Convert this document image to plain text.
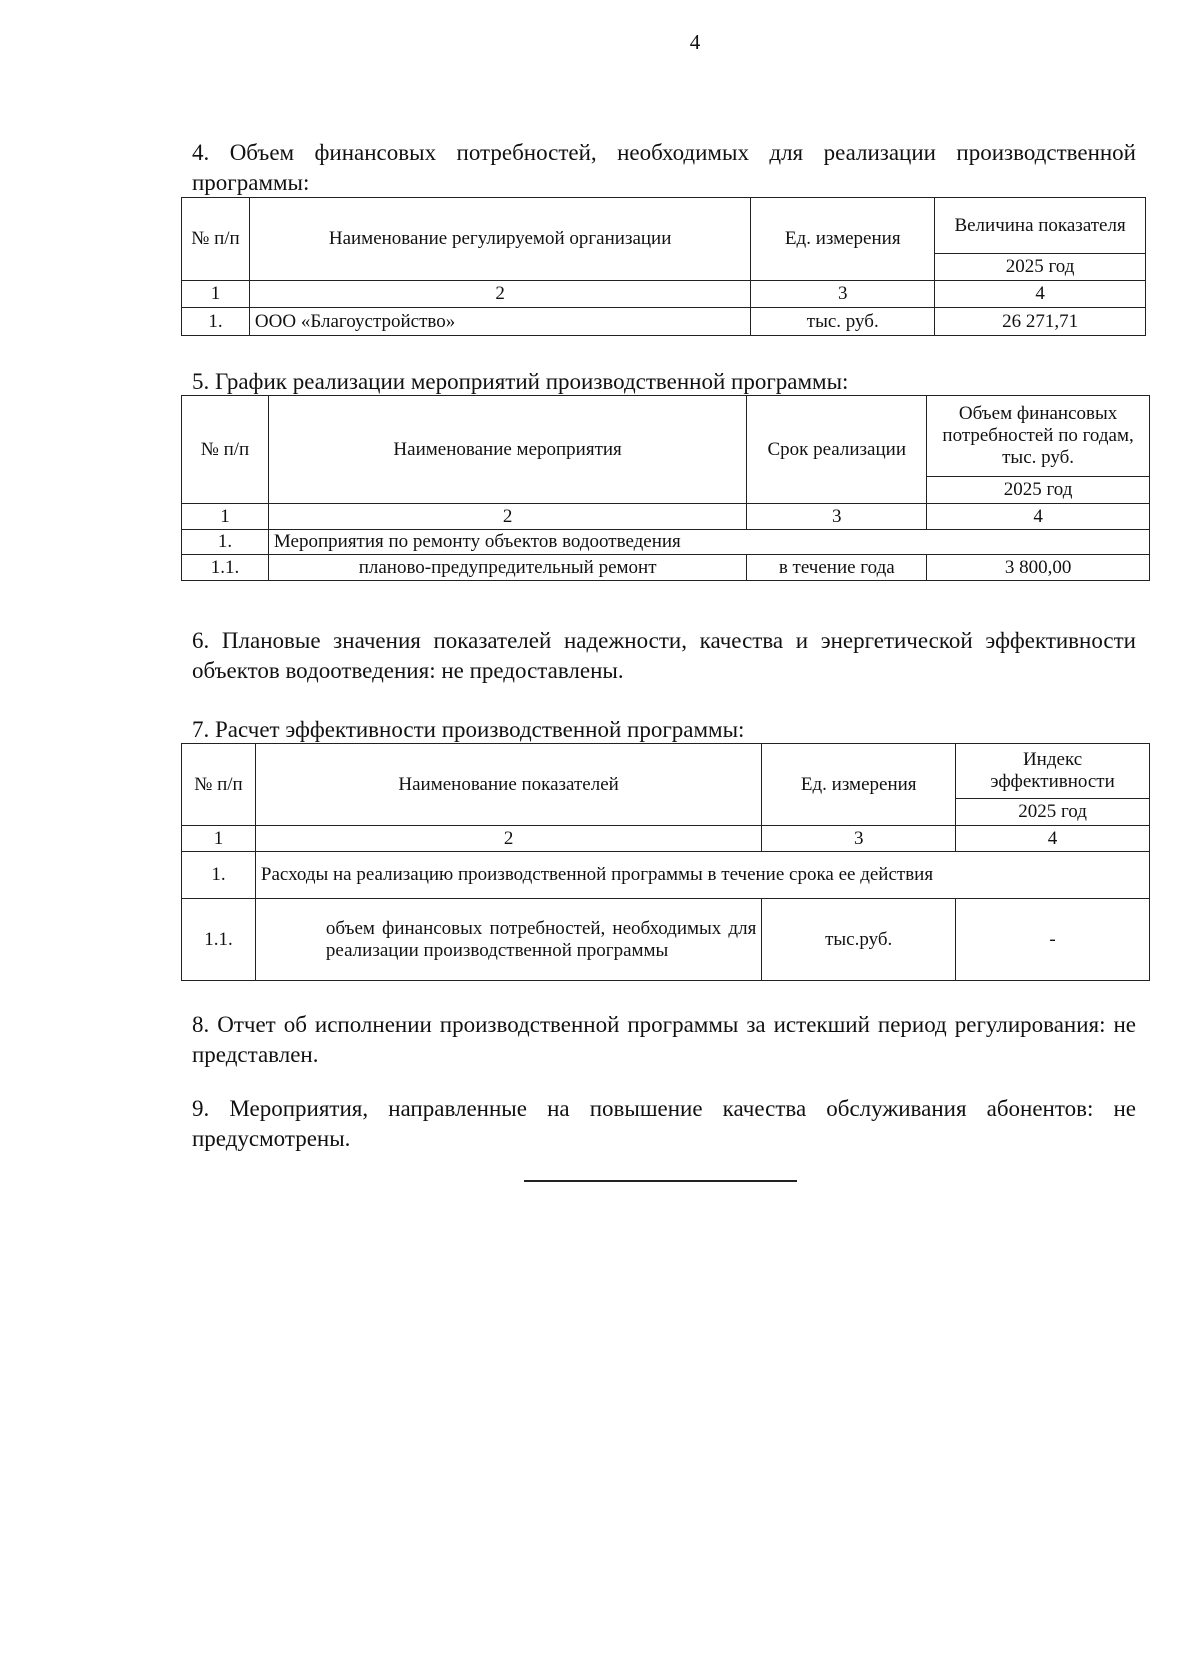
4
4. Объем финансовых потребностей, необходимых для реализации производственной программы:
№ п/п	Наименование регулируемой организации	Ед. измерения	Величина показателя
			2025 год
1	2	3	4
1.	ООО «Благоустройство»	тыс. руб.	26 271,71
5. График реализации мероприятий производственной программы:
№ п/п	Наименование мероприятия	Срок реализации	Объем финансовых потребностей по годам, тыс. руб.
			2025 год
1	2	3	4
1.	Мероприятия по ремонту объектов водоотведения		
1.1.	планово-предупредительный ремонт	в течение года	3 800,00
6. Плановые значения показателей надежности, качества и энергетической эффективности объектов водоотведения: не предоставлены.
7. Расчет эффективности производственной программы:
№ п/п	Наименование показателей	Ед. измерения	Индекс эффективности
			2025 год
1	2	3	4
1.	Расходы на реализацию производственной программы в течение срока ее действия		
1.1.	объем финансовых потребностей, необходимых для реализации производственной программы	тыс.руб.	-
8. Отчет об исполнении производственной программы за истекший период регулирования: не представлен.
9. Мероприятия, направленные на повышение качества обслуживания абонентов: не предусмотрены.
